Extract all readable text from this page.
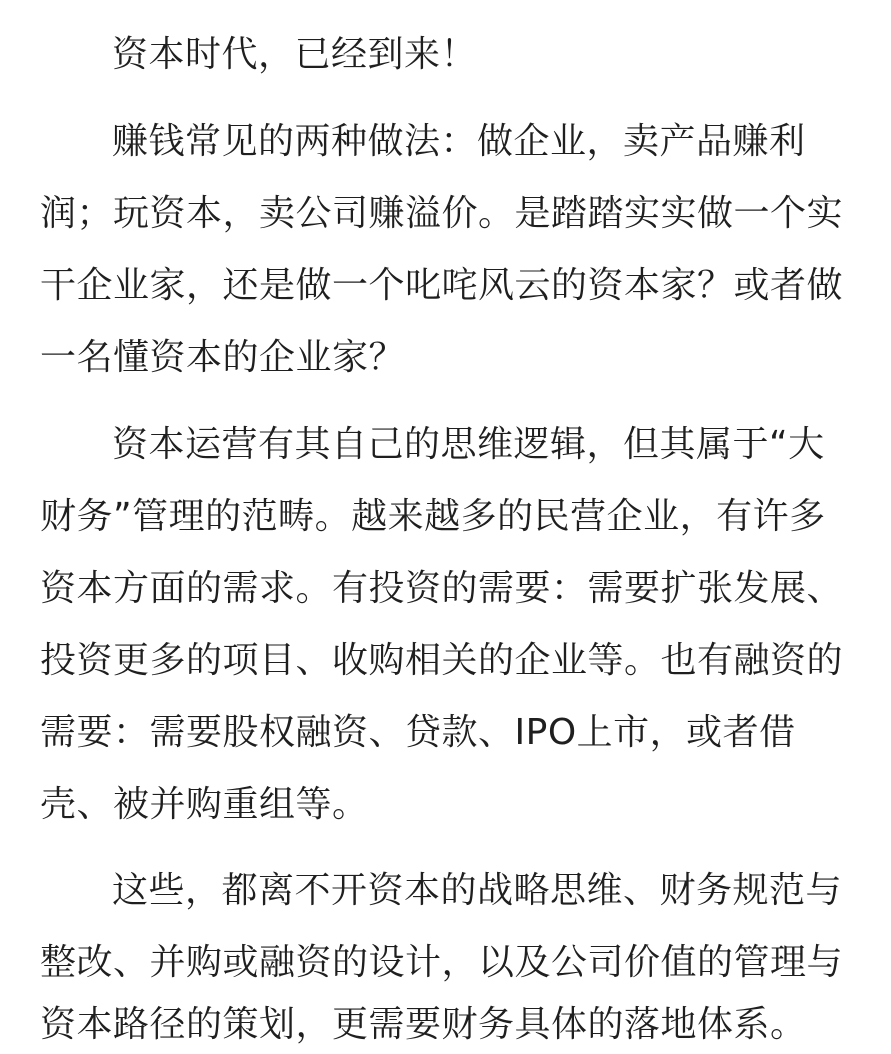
资本时代，已经到来！
赚钱常见的两种做法：做企业，卖产品赚利
润；玩资本，卖公司赚溢价。是踏踏实实做一个实
干企业家，还是做一个叱咤风云的资本家？或者做
一名懂资本的企业家？
资本运营有其自己的思维逻辑，但其属于“大
财务”管理的范畴。越来越多的民营企业，有许多
资本方面的需求。有投资的需要：需要扩张发展、
投资更多的项目、收购相关的企业等。也有融资的
需要：需要股权融资、贷款、IPO上市，或者借
壳、被并购重组等。
这些，都离不开资本的战略思维、财务规范与
整改、并购或融资的设计，以及公司价值的管理与
资本路径的策划，更需要财务具体的落地体系。
